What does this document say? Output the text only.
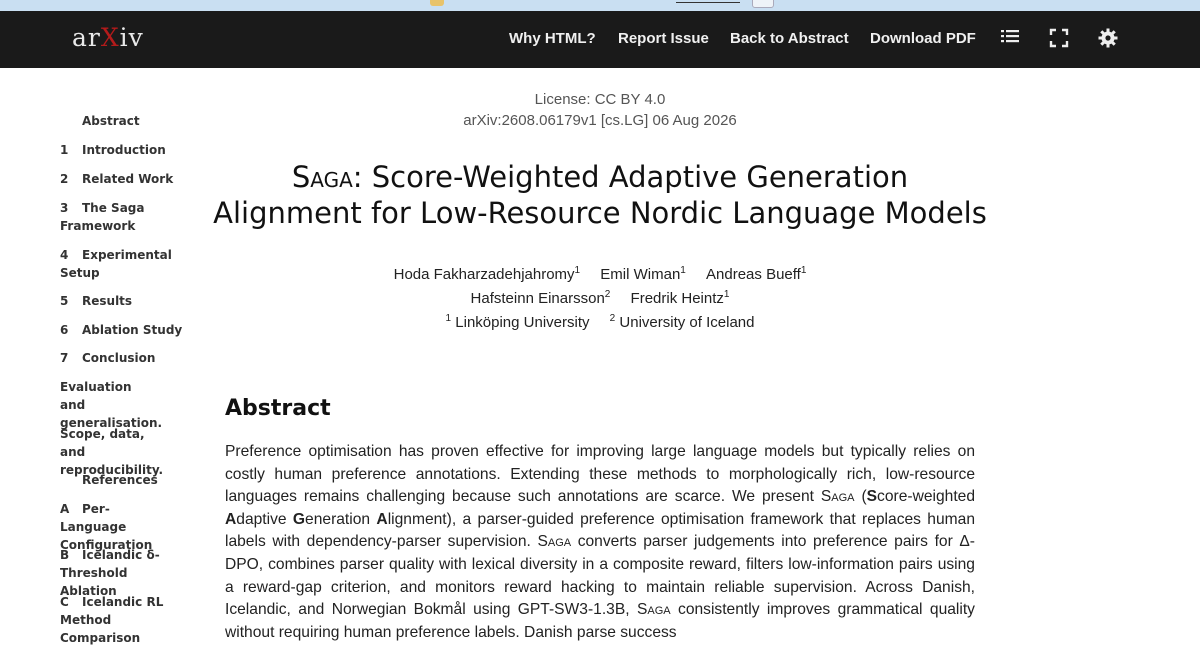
arXiv	Why HTML? Report Issue Back to Abstract Download PDF
Abstract
1 Introduction
2 Related Work
3 The Saga Framework
4 Experimental Setup
5 Results
6 Ablation Study
7 Conclusion
Evaluation and generalisation.
Scope, data, and reproducibility.
References
A Per-Language Configuration
B Icelandic δ-Threshold Ablation
C Icelandic RL Method Comparison
License: CC BY 4.0
arXiv:2608.06179v1 [cs.LG] 06 Aug 2026
Saga: Score-Weighted Adaptive Generation
Alignment for Low-Resource Nordic Language Models
Hoda Fakharzadehjahromy$^1$ Emil Wiman$^1$ Andreas Bueff$^1$
Hafsteinn Einarsson$^2$ Fredrik Heintz$^1$
$^1$ Linköping University $^2$ University of Iceland
Abstract
Preference optimisation has proven effective for improving large language models but typically relies on costly human preference annotations. Extending these methods to morphologically rich, low-resource languages remains challenging because such annotations are scarce. We present Saga (Score-weighted Adaptive Generation Alignment), a parser-guided preference optimisation framework that replaces human labels with dependency-parser supervision. Saga converts parser judgements into preference pairs for Δ-DPO, combines parser quality with lexical diversity in a composite reward, filters low-information pairs using a reward-gap criterion, and monitors reward hacking to maintain reliable supervision. Across Danish, Icelandic, and Norwegian Bokmål using GPT-SW3-1.3B, Saga consistently improves grammatical quality without requiring human preference labels. Danish parse success
